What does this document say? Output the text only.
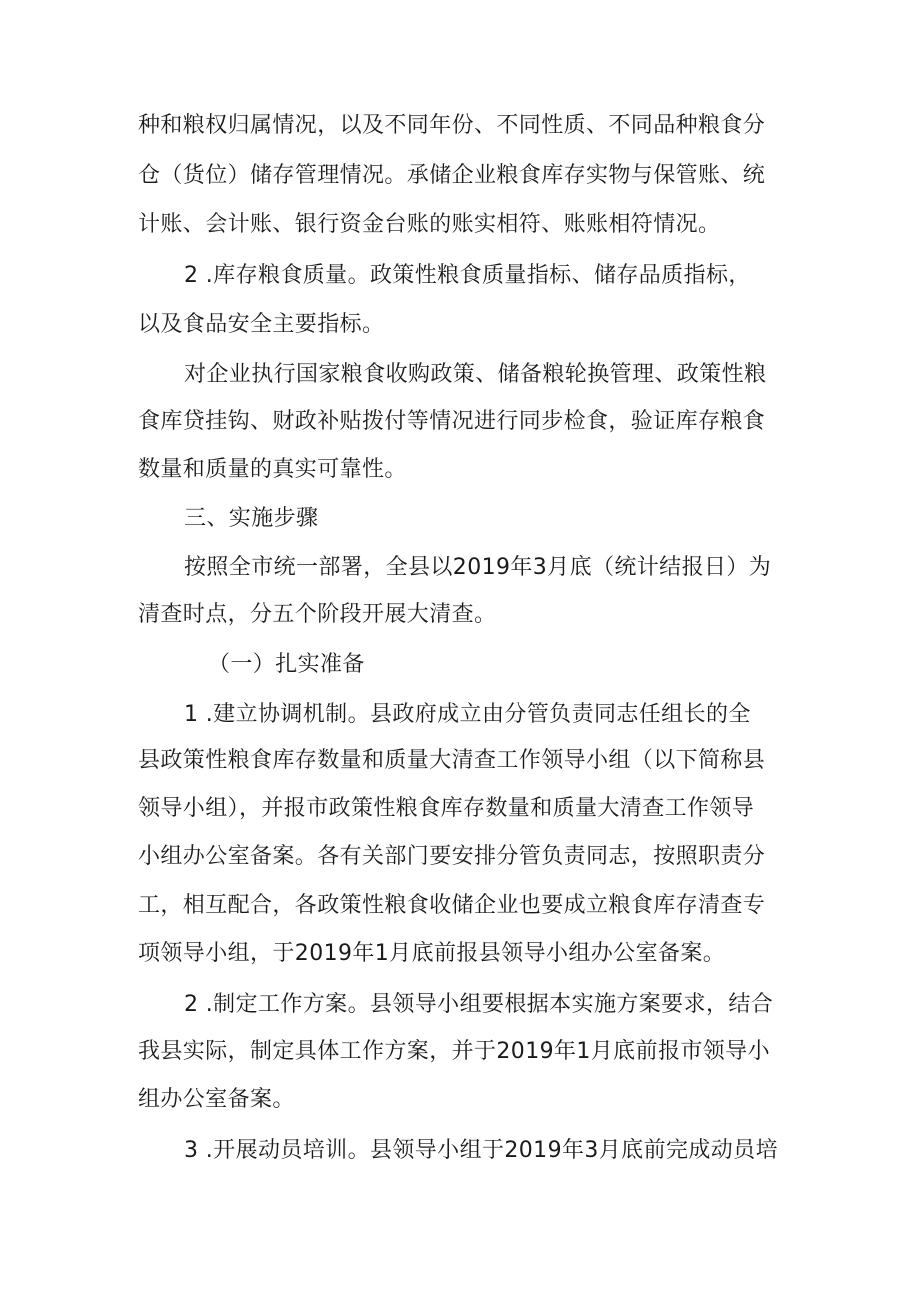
种和粮权归属情况，以及不同年份、不同性质、不同品种粮食分

仓（货位）储存管理情况。承储企业粮食库存实物与保管账、统

计账、会计账、银行资金台账的账实相符、账账相符情况。

2 .库存粮食质量。政策性粮食质量指标、储存品质指标，

以及食品安全主要指标。

对企业执行国家粮食收购政策、储备粮轮换管理、政策性粮

食库贷挂钩、财政补贴拨付等情况进行同步检食，验证库存粮食

数量和质量的真实可靠性。

三、实施步骤

按照全市统一部署，全县以2019年3月底（统计结报日）为

清查时点，分五个阶段开展大清查。

（一）扎实准备

1 .建立协调机制。县政府成立由分管负责同志任组长的全

县政策性粮食库存数量和质量大清查工作领导小组（以下简称县

领导小组），并报市政策性粮食库存数量和质量大清查工作领导

小组办公室备案。各有关部门要安排分管负责同志，按照职责分

工，相互配合，各政策性粮食收储企业也要成立粮食库存清查专

项领导小组，于2019年1月底前报县领导小组办公室备案。

2 .制定工作方案。县领导小组要根据本实施方案要求，结合

我县实际，制定具体工作方案，并于2019年1月底前报市领导小

组办公室备案。

3 .开展动员培训。县领导小组于2019年3月底前完成动员培
